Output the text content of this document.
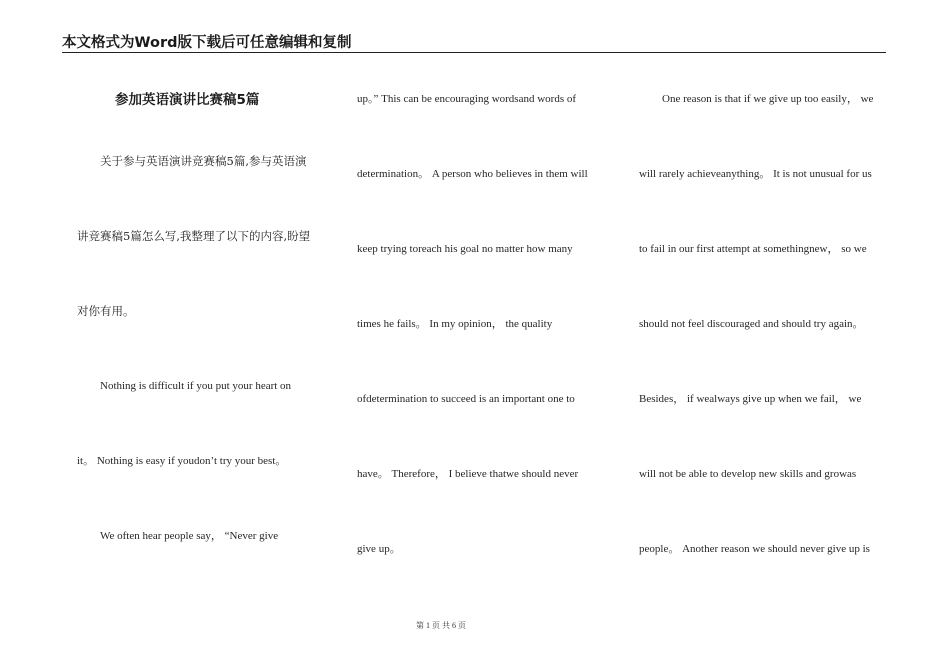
本文格式为Word版下载后可任意编辑和复制
参加英语演讲比赛稿5篇
关于参与英语演讲竞赛稿5篇,参与英语演
讲竞赛稿5篇怎么写,我整理了以下的内容,盼望
对你有用。
Nothing is difficult if you put your heart on
it。 Nothing is easy if youdon’t try your best。
We often hear people say， “Never give
up。” This can be encouraging wordsand words of
determination。 A person who believes in them will
keep trying toreach his goal no matter how many
times he fails。 In my opinion， the quality
ofdetermination to succeed is an important one to
have。 Therefore， I believe thatwe should never
give up。
One reason is that if we give up too easily， we
will rarely achieveanything。 It is not unusual for us
to fail in our first attempt at somethingnew， so we
should not feel discouraged and should try again。
Besides， if wealways give up when we fail， we
will not be able to develop new skills and growas
people。 Another reason we should never give up is
第 1 页 共 6 页
